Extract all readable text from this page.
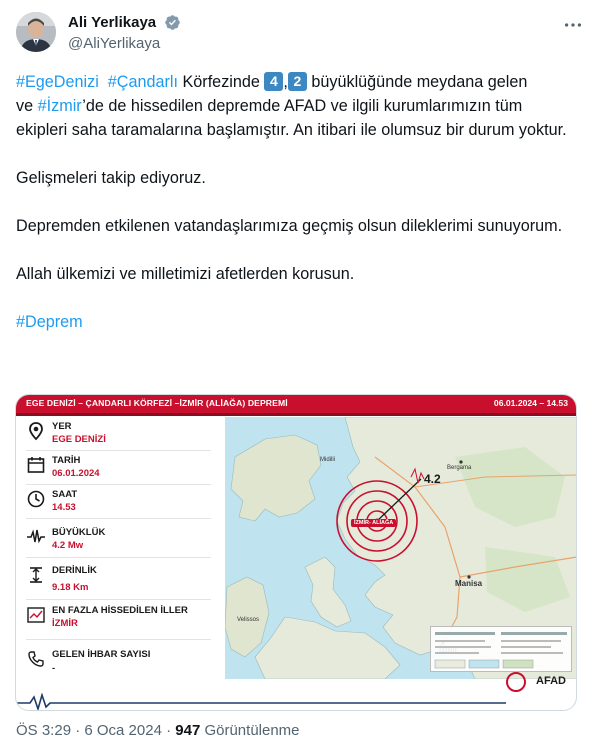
Ali Yerlikaya
@AliYerlikaya

#EgeDenizi #Çandarlı Körfezinde 4 , 2 büyüklüğünde meydana gelen
ve #İzmir’de de hissedilen depremde AFAD ve ilgili kurumlarımızın tüm ekipleri saha taramalarına başlamıştır. An itibari ile olumsuz bir durum yoktur.

Gelişmeleri takip ediyoruz.

Depremden etkilenen vatandaşlarımıza geçmiş olsun dileklerimi sunuyorum.

Allah ülkemizi ve milletimizi afetlerden korusun.

#Deprem

EGE DENİZİ – ÇANDARLI KÖRFEZİ –İZMİR (ALİAĞA) DEPREMİ	06.01.2024 – 14.53
YER
EGE DENİZİ
TARİH
06.01.2024
SAAT
14.53
BÜYÜKLÜK
4.2 Mw
DERİNLİK
9.18 Km
EN FAZLA HİSSEDİLEN İLLER
İZMİR
GELEN İHBAR SAYISI
-
Midilli
Bergama
Manisa
Velissos
4.2
İZMİR- ALİAĞA
AFAD
ÖS 3:29 · 6 Oca 2024 · 947 Görüntülenme
